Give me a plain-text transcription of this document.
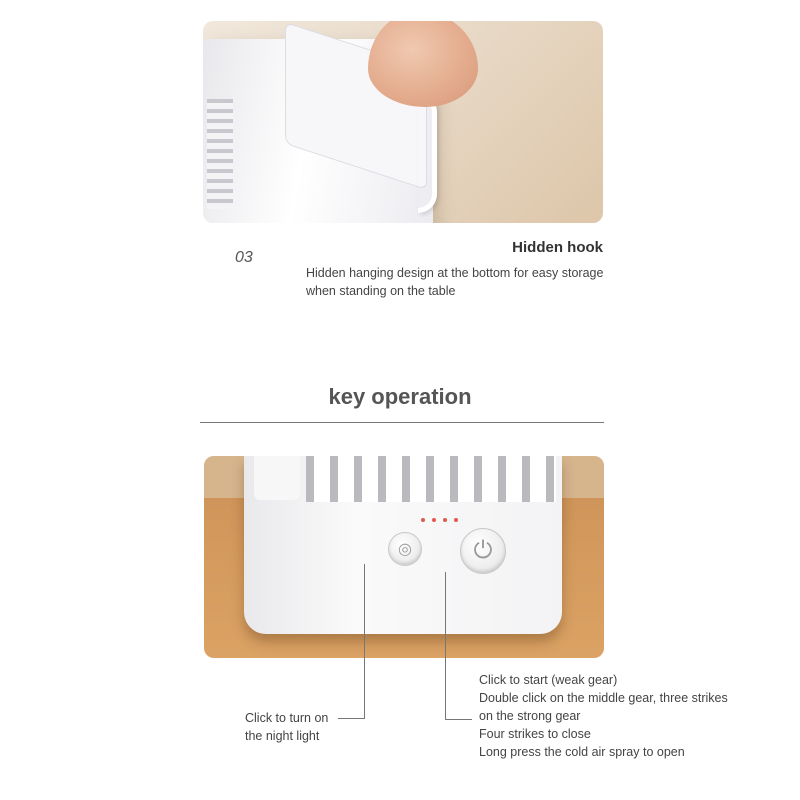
03
Hidden hook
Hidden hanging design at the bottom for easy storage
when standing on the table
key operation
◎	⏻
Click to turn on
the night light
Click to start (weak gear)
Double click on the middle gear, three strikes
on the strong gear
Four strikes to close
Long press the cold air spray to open
